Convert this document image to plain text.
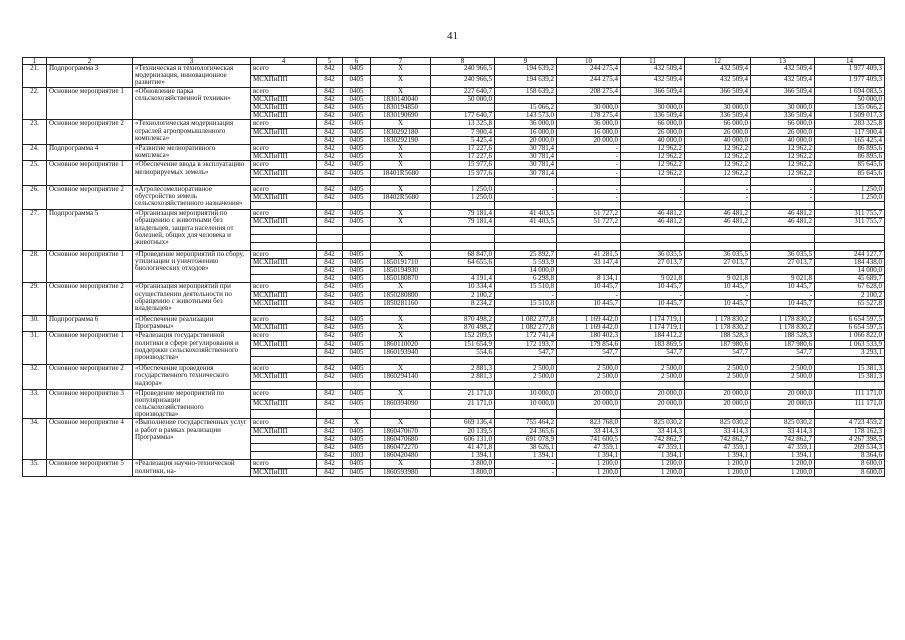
41
1	2	3	4	5	6	7	8	9	10	11	12	13	14
21.	Подпрограмма 3	«Техническая и технологическая модернизация, инновационное развитие»	всего	842	0405	Х	240 966,5	194 639,2	244 275,4	432 509,4	432 509,4	432 509,4	1 977 409,3
			МСХПиПП	842	0405	Х	240 966,5	194 639,2	244 275,4	432 509,4	432 509,4	432 509,4	1 977 409,3
22.	Основное мероприятие 1	«Обновление парка сельскохозяйственной техники»	всего	842	0405	Х	227 640,7	158 639,2	208 275,4	366 509,4	366 509,4	366 509,4	1 694 083,5
			МСХПиПП	842	0405	1830140040	50 000,0						50 000,0
			МСХПиПП	842	0405	1830194850		15 066,2	30 000,0	30 000,0	30 000,0	30 000,0	135 066,2
			МСХПиПП	842	0405	1830190690	177 640,7	143 573,0	178 275,4	336 509,4	336 509,4	336 509,4	1 509 017,3
23.	Основное мероприятие 2	«Технологическая модернизация отраслей агропромышленного комплекса»	всего	842	0405	Х	13 325,8	36 000,0	36 000,0	66 000,0	66 000,0	66 000,0	283 325,8
			МСХПиПП	842	0405	1830292180	7 900,4	16 000,0	16 000,0	26 000,0	26 000,0	26 000,0	117 900,4
				842	0405	1830292190	5 425,4	20 000,0	20 000,0	40 000,0	40 000,0	40 000,0	165 425,4
24.	Подпрограмма 4	«Развитие мелиоративного комплекса»	всего	842	0405	Х	17 227,6	30 781,4	-	12 962,2	12 962,2	12 962,2	86 895,6
			МСХПиПП	842	0405	Х	17 227,6	30 781,4	-	12 962,2	12 962,2	12 962,2	86 895,6
25.	Основное мероприятие 1	«Обеспечение ввода в эксплуатацию мелиорируемых земель»	всего	842	0405	Х	15 977,6	30 781,4	-	12 962,2	12 962,2	12 962,2	85 645,6
			МСХПиПП	842	0405	18401R5680	15 977,6	30 781,4	-	12 962,2	12 962,2	12 962,2	85 645,6

26.	Основное мероприятие 2	«Агролесомелиоративное обустройство земель сельскохозяйственного назначения»	всего	842	0405	Х	1 250,0	-	-	-	-	-	1 250,0
			МСХПиПП	842	0405	18402R5680	1 250,0	-	-	-	-	-	1 250,0

27.	Подпрограмма 5	«Организация мероприятий по обращению с животными без владельцев, защита населения от болезней, общих для человека и животных»	всего	842	0405	Х	79 181,4	41 403,5	51 727,2	46 481,2	46 481,2	46 481,2	311 755,7
			МСХПиПП	842	0405	Х	79 181,4	41 403,5	51 727,2	46 481,2	46 481,2	46 481,2	311 755,7

28.	Основное мероприятие 1	«Проведение мероприятий по сбору, утилизации и уничтожению биологических отходов»	всего	842	0405	Х	68 847,0	25 892,7	41 281,5	36 035,5	36 035,5	36 035,5	244 127,7
			МСХПиПП	842	0405	1850191710	64 655,6	5 593,9	33 147,4	27 013,7	27 013,7	27 013,7	184 438,0
				842	0405	1850194930		14 000,0					14 000,0
				842	0405	1850180870	4 191,4	6 298,8	8 134,1	9 021,8	9 021,8	9 021,8	45 689,7
29.	Основное мероприятие 2	«Организация мероприятий при осуществлении деятельности по обращению с животными без владельцев»	всего	842	0405	Х	10 334,4	15 510,8	10 445,7	10 445,7	10 445,7	10 445,7	67 628,0
			МСХПиПП	842	0405	1850280800	2 100,2	-	-	-	-	-	2 100,2
			МСХПиПП	842	0405	1850281160	8 234,2	15 510,8	10 445,7	10 445,7	10 445,7	10 445,7	65 527,8

30.	Подпрограмма 6	«Обеспечение реализации Программы»	всего	842	0405	Х	870 498,2	1 082 277,8	1 169 442,0	1 174 719,1	1 178 830,2	1 178 830,2	6 654 597,5
			МСХПиПП	842	0405	Х	870 498,2	1 082 277,8	1 169 442,0	1 174 719,1	1 178 830,2	1 178 830,2	6 654 597,5
31.	Основное мероприятие 1	«Реализация государственной политики в сфере регулирования и поддержки сельскохозяйственного производства»	всего	842	0405	Х	152 209,5	172 741,4	180 402,3	184 412,2	188 528,3	188 528,3	1 066 822,0
			МСХПиПП	842	0405	1860110020	151 654,9	172 193,7	179 854,6	183 869,5	187 980,6	187 980,6	1 063 533,9
				842	0405	1860193940	554,6	547,7	547,7	547,7	547,7	547,7	3 293,1

32.	Основное мероприятие 2	«Обеспечение проведения государственного технического надзора»	всего	842	0405	Х	2 881,3	2 500,0	2 500,0	2 500,0	2 500,0	2 500,0	15 381,3
			МСХПиПП	842	0405	1860294140	2 881,3	2 500,0	2 500,0	2 500,0	2 500,0	2 500,0	15 381,3

33.	Основное мероприятие 3	«Проведение мероприятий по популяризации сельскохозяйственного производства»	всего	842	0405	Х	21 171,0	10 000,0	20 000,0	20 000,0	20 000,0	20 000,0	111 171,0
			МСХПиПП	842	0405	1860394090	21 171,0	10 000,0	20 000,0	20 000,0	20 000,0	20 000,0	111 171,0

34.	Основное мероприятие 4	«Выполнение государственных услуг и работ в рамках реализации Программы»	всего	842	Х	Х	669 136,4	755 464,2	823 768,0	825 030,2	825 030,2	825 030,2	4 723 459,2
			МСХПиПП	842	0405	1860470670	20 139,5	24 365,6	33 414,3	33 414,3	33 414,3	33 414,3	178 162,3
				842	0405	1860470680	606 131,0	691 078,9	741 600,5	742 862,7	742 862,7	742 862,7	4 267 398,5
				842	0405	1860472270	41 471,8	38 626,1	47 359,1	47 359,1	47 359,1	47 359,1	269 534,3
				842	1003	1860420480	1 394,1	1 394,1	1 394,1	1 394,1	1 394,1	1 394,1	8 364,6
35.	Основное мероприятие 5	«Реализация научно-технической политики, на-	всего	842	0405	Х	3 800,0	-	1 200,0	1 200,0	1 200,0	1 200,0	8 600,0
			МСХПиПП	842	0405	1860593980	3 800,0	-	1 200,0	1 200,0	1 200,0	1 200,0	8 600,0
